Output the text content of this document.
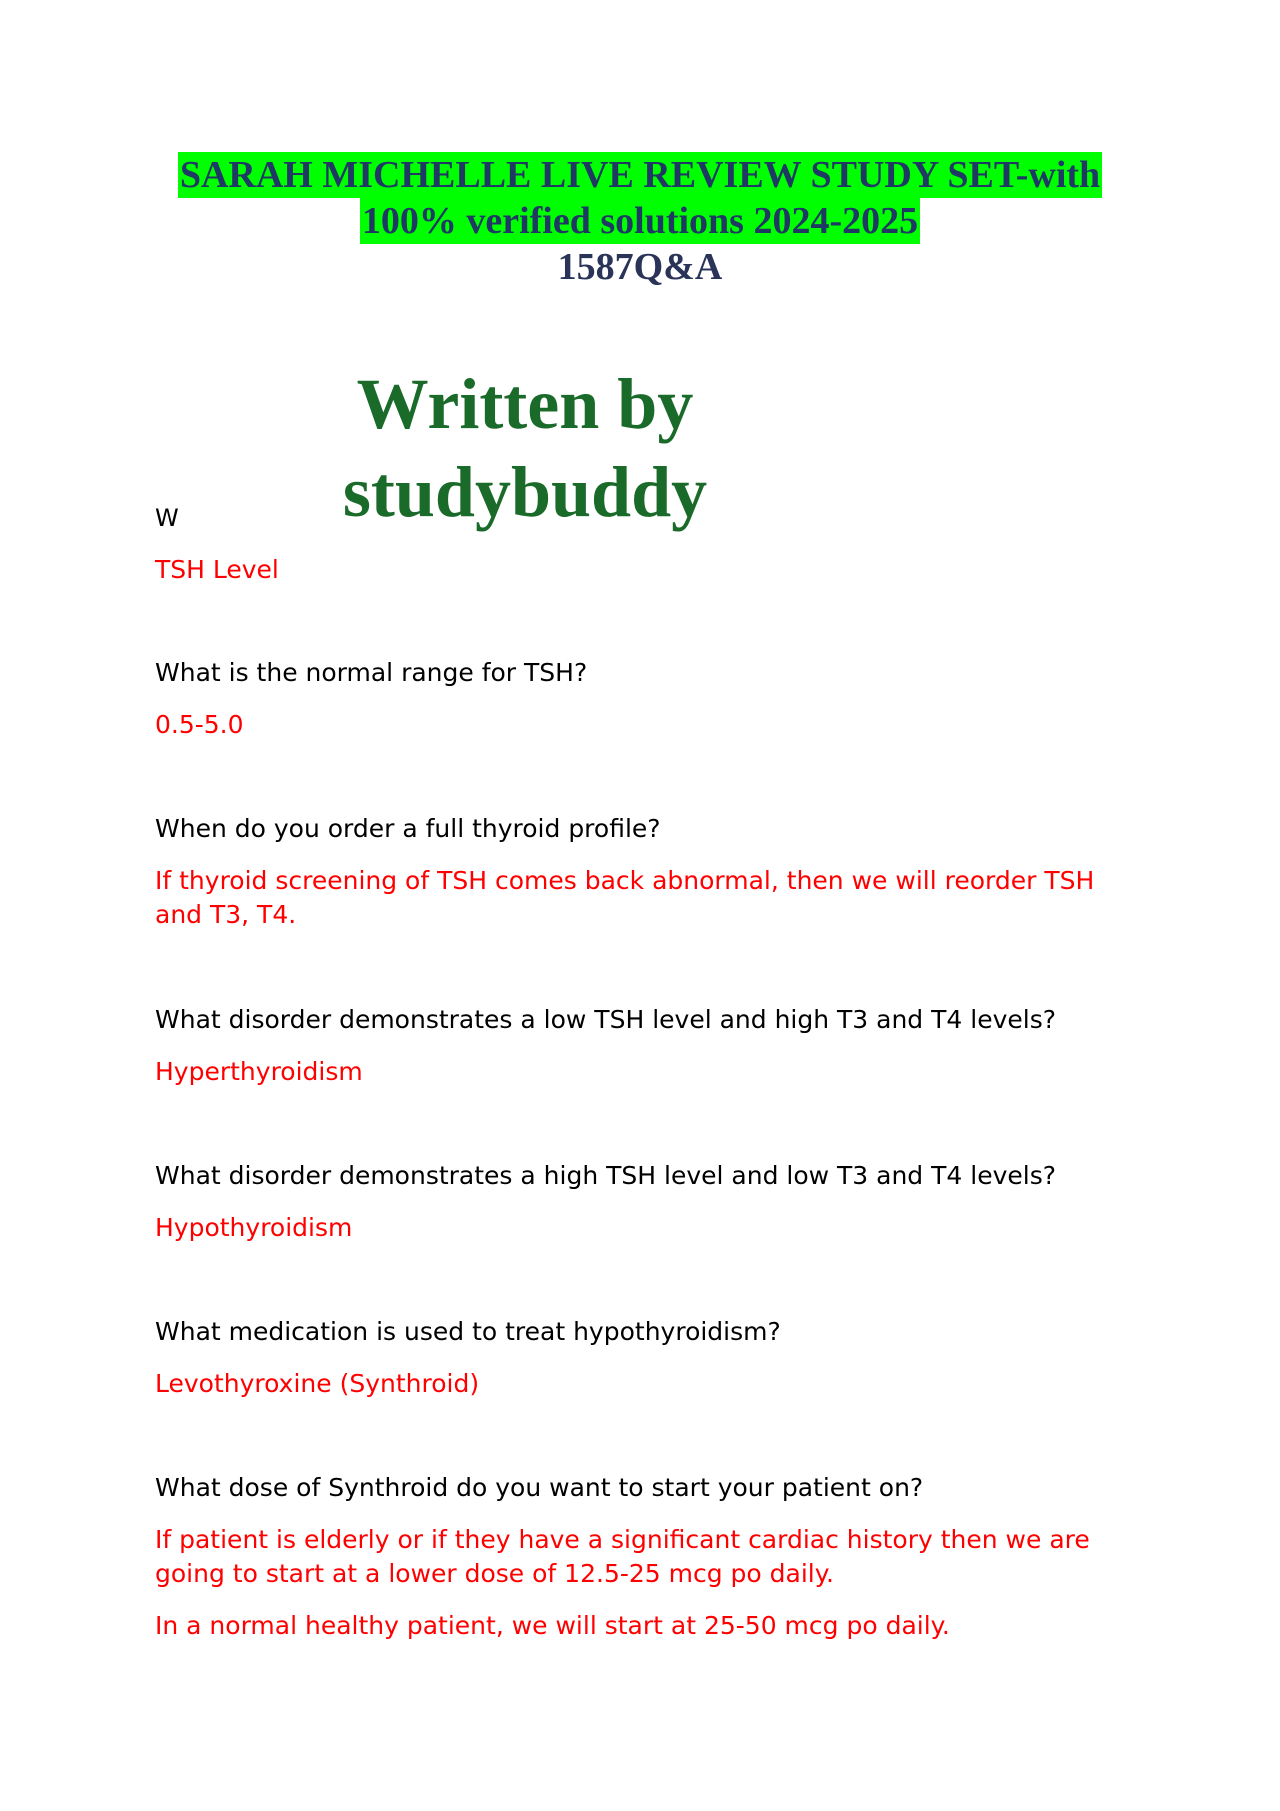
SARAH MICHELLE LIVE REVIEW STUDY SET-with
100% verified solutions 2024-2025

1587Q&A
Written by
studybuddy
W

TSH Level

What is the normal range for TSH?

0.5-5.0

When do you order a full thyroid profile?

If thyroid screening of TSH comes back abnormal, then we will reorder TSH and T3, T4.

What disorder demonstrates a low TSH level and high T3 and T4 levels?

Hyperthyroidism

What disorder demonstrates a high TSH level and low T3 and T4 levels?

Hypothyroidism

What medication is used to treat hypothyroidism?

Levothyroxine (Synthroid)

What dose of Synthroid do you want to start your patient on?

If patient is elderly or if they have a significant cardiac history then we are going to start at a lower dose of 12.5-25 mcg po daily.

In a normal healthy patient, we will start at 25-50 mcg po daily.
